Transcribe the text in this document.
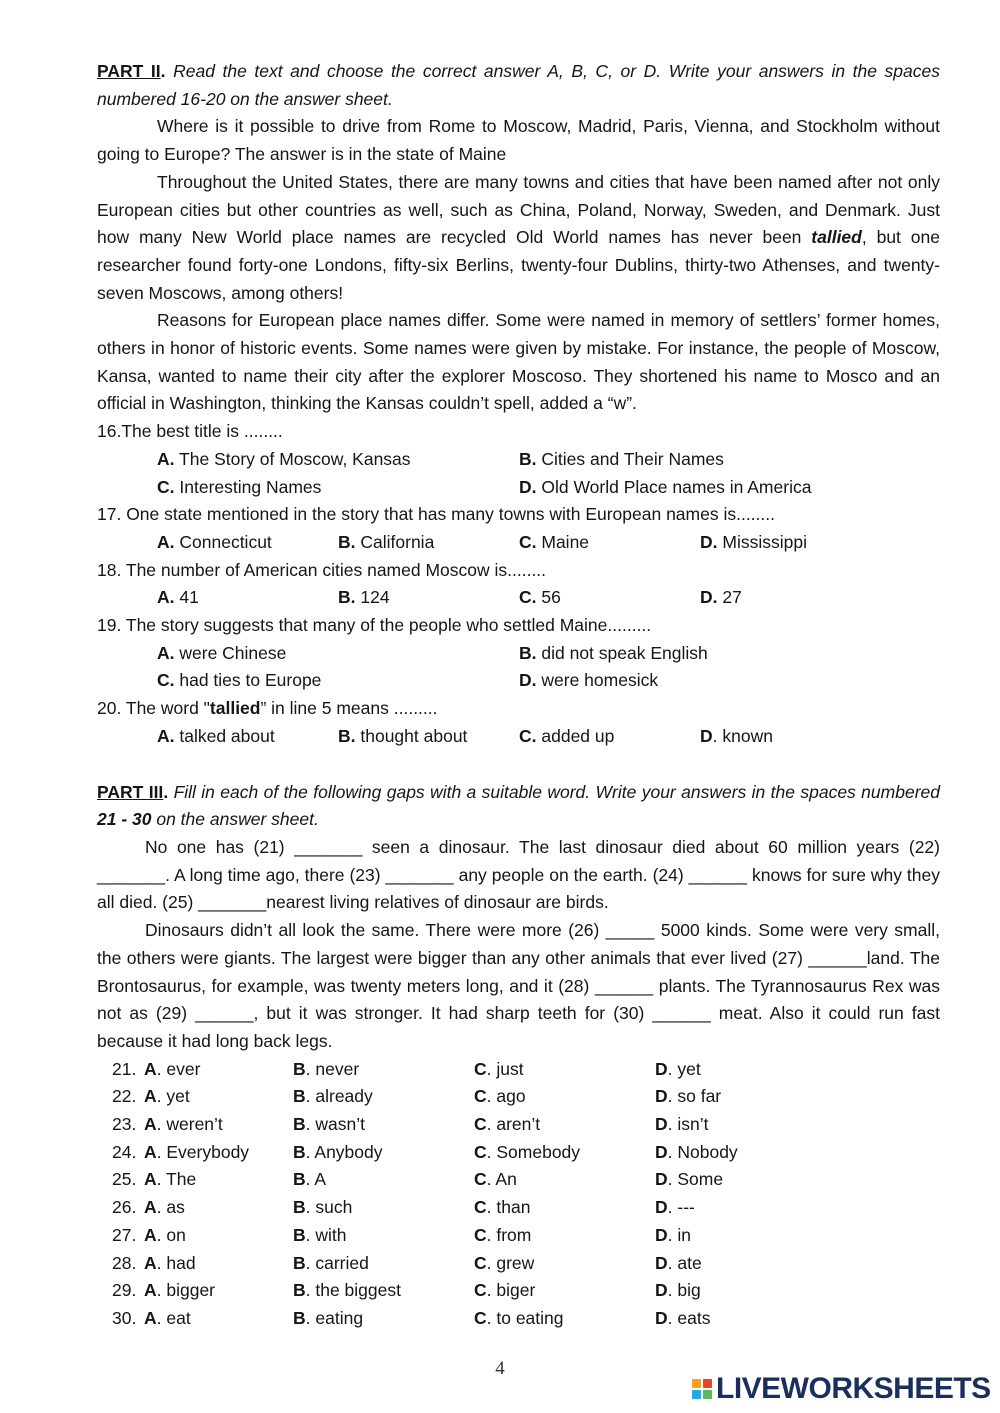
PART II. Read the text and choose the correct answer A, B, C, or D. Write your answers in the spaces numbered 16-20 on the answer sheet.
Where is it possible to drive from Rome to Moscow, Madrid, Paris, Vienna, and Stockholm without going to Europe? The answer is in the state of Maine
Throughout the United States, there are many towns and cities that have been named after not only European cities but other countries as well, such as China, Poland, Norway, Sweden, and Denmark. Just how many New World place names are recycled Old World names has never been tallied, but one researcher found forty-one Londons, fifty-six Berlins, twenty-four Dublins, thirty-two Athenses, and twenty-seven Moscows, among others!
Reasons for European place names differ. Some were named in memory of settlers’ former homes, others in honor of historic events. Some names were given by mistake. For instance, the people of Moscow, Kansa, wanted to name their city after the explorer Moscoso. They shortened his name to Mosco and an official in Washington, thinking the Kansas couldn’t spell, added a “w”.
16.The best title is ........
A. The Story of Moscow, Kansas	B. Cities and Their Names
C. Interesting Names	D. Old World Place names in America
17. One state mentioned in the story that has many towns with European names is........
A. Connecticut	B. California	C. Maine	D. Mississippi
18. The number of American cities named Moscow is........
A. 41	B. 124	C. 56	D. 27
19. The story suggests that many of the people who settled Maine.........
A. were Chinese	B. did not speak English
C. had ties to Europe	D. were homesick
20. The word "tallied” in line 5 means .........
A. talked about	B. thought about	C. added up	D. known
PART III. Fill in each of the following gaps with a suitable word. Write your answers in the spaces numbered 21 - 30 on the answer sheet.
No one has (21) _______ seen a dinosaur. The last dinosaur died about 60 million years (22) _______. A long time ago, there (23) _______ any people on the earth. (24) ______ knows for sure why they all died. (25) _______nearest living relatives of dinosaur are birds.
Dinosaurs didn’t all look the same. There were more (26) _____ 5000 kinds. Some were very small, the others were giants. The largest were bigger than any other animals that ever lived (27) ______land. The Brontosaurus, for example, was twenty meters long, and it (28) ______ plants. The Tyrannosaurus Rex was not as (29) ______, but it was stronger. It had sharp teeth for (30) ______ meat. Also it could run fast because it had long back legs.
21. A. ever	B. never	C. just	D. yet
22. A. yet	B. already	C. ago	D. so far
23. A. weren’t	B. wasn’t	C. aren’t	D. isn’t
24. A. Everybody	B. Anybody	C. Somebody	D. Nobody
25. A. The	B. A	C. An	D. Some
26. A. as	B. such	C. than	D. ---
27. A. on	B. with	C. from	D. in
28. A. had	B. carried	C. grew	D. ate
29. A. bigger	B. the biggest	C. biger	D. big
30. A. eat	B. eating	C. to eating	D. eats
4
LIVEWORKSHEETS
